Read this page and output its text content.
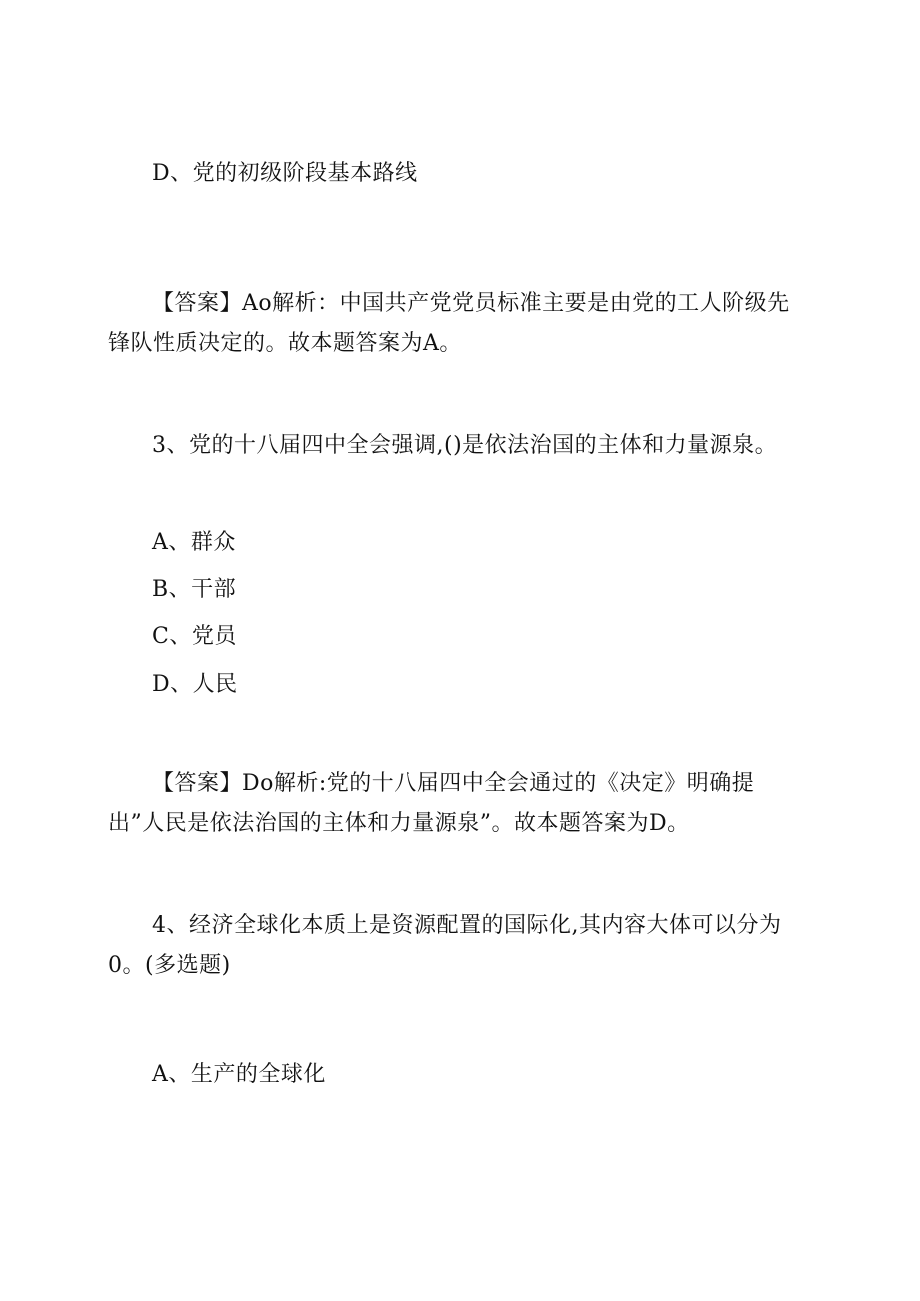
D、党的初级阶段基本路线
【答案】Ao解析：中国共产党党员标准主要是由党的工人阶级先
锋队性质决定的。故本题答案为A。
3、党的十八届四中全会强调,()是依法治国的主体和力量源泉。
A、群众
B、干部
C、党员
D、人民
【答案】Do解析:党的十八届四中全会通过的《决定》明确提
出”人民是依法治国的主体和力量源泉”。故本题答案为D。
4、经济全球化本质上是资源配置的国际化,其内容大体可以分为
0。(多选题)
A、生产的全球化
